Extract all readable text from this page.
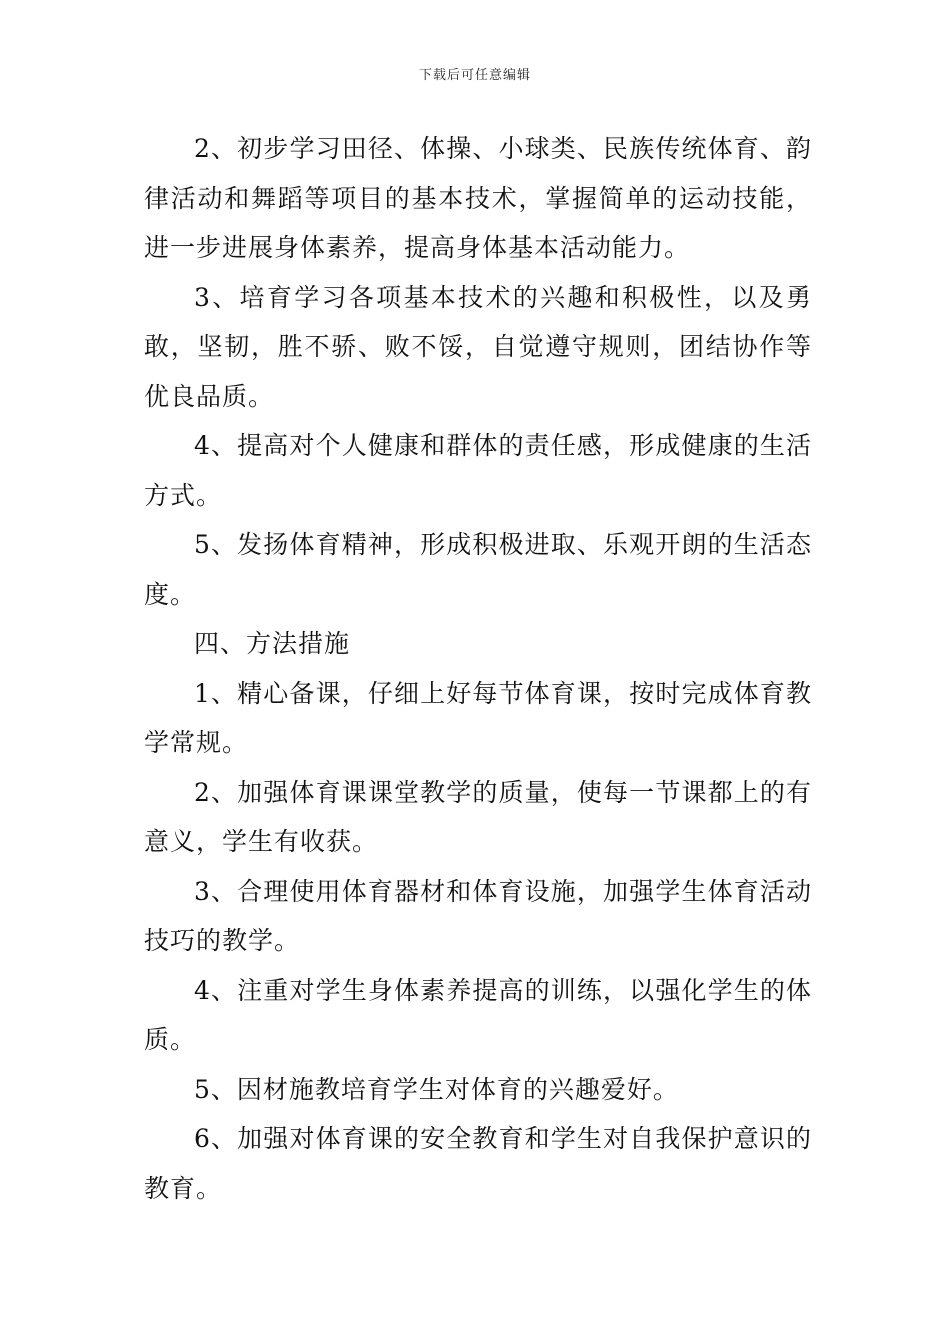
下载后可任意编辑

2、初步学习田径、体操、小球类、民族传统体育、韵律活动和舞蹈等项目的基本技术，掌握简单的运动技能，进一步进展身体素养，提高身体基本活动能力。

3、培育学习各项基本技术的兴趣和积极性，以及勇敢，坚韧，胜不骄、败不馁，自觉遵守规则，团结协作等优良品质。

4、提高对个人健康和群体的责任感，形成健康的生活方式。

5、发扬体育精神，形成积极进取、乐观开朗的生活态度。

四、方法措施

1、精心备课，仔细上好每节体育课，按时完成体育教学常规。

2、加强体育课课堂教学的质量，使每一节课都上的有意义，学生有收获。

3、合理使用体育器材和体育设施，加强学生体育活动技巧的教学。

4、注重对学生身体素养提高的训练，以强化学生的体质。

5、因材施教培育学生对体育的兴趣爱好。

6、加强对体育课的安全教育和学生对自我保护意识的教育。
